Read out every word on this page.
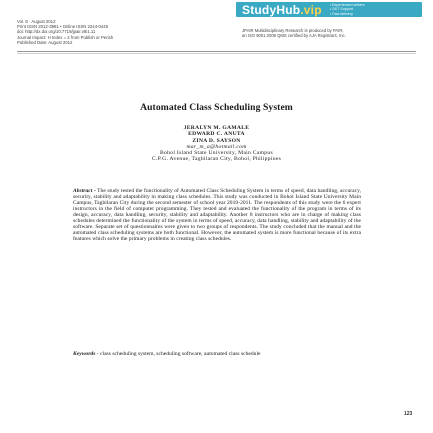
Vol. 8 · August 2012
Print ISSN 2012-3981 • Online ISSN 2244-0445
doi: http://dx.doi.org/10.7719/jpair.v8i1.11
Journal Impact: H Index = 2 from Publish or Perish
Published Date: August 2012
StudyHub.vip • Experienced writers
• 24/7 Support
• Fast delivery
JPAIR Multidisciplinary Research is produced by PAIR,
an ISO 9001:2008 QMS certified by AJA Registrars, Inc.
Automated Class Scheduling System
JERALYN M. GAMALE
EDWARD C. ANUTA
ZINA D. SAYSON
mar_m_a@hotmail.com
Bohol Island State University, Main Campus
C.P.G. Avenue, Tagbilaran City, Bohol, Philippines
Abstract - The study tested the functionality of Automated Class Scheduling System in terms of speed, data handling, accuracy, security, stability and adaptability in making class schedules. This study was conducted in Bohol Island State University Main Campus, Tagbilaran City during the second semester of school year 2010-2011. The respondents of this study were the 6 expert instructors in the field of computer programming. They tested and evaluated the functionality of the program in terms of its design, accuracy, data handling, security, stability and adaptability. Another 8 instructors who are in charge of making class schedules determined the functionality of the system in terms of speed, accuracy, data handling, stability and adaptability of the software. Separate set of questionnaires were given to two groups of respondents. The study concluded that the manual and the automated class scheduling systems are both functional. However, the automated system is more functional because of its extra features which solve the primary problems in creating class schedules.
Keywords - class scheduling system, scheduling software, automated class schedule
123
